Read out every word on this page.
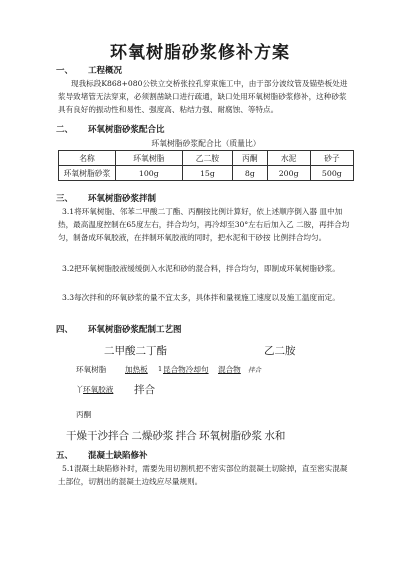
环氧树脂砂浆修补方案
一、 工程概况

现我标段K868+080公铁立交桥张拉孔穿束施工中，由于部分波纹管及锚垫板处进浆导致堵管无法穿束，必须割凿缺口进行疏通，缺口处用环氧树脂砂浆修补，这种砂浆具有良好的振动性和易性、强度高、粘结力强、耐腐蚀、等特点。

二、 环氧树脂砂浆配合比
环氧树脂砂浆配合比（质量比）
名称	环氧树脂	乙二胺	丙酮	水泥	砂子
环氧树脂砂浆	100g	15g	8g	200g	500g
三、 环氧树脂砂浆拌制

3.1将环氧树脂、邻苯二甲酸二丁酯、丙酮按比例计算好，依上述顺序倒入器 皿中加热，最高温度控制在65度左右，拌合均匀，再冷却至30°左右后加入乙 二胺，再拌合均匀，制备成环氧胶液，在拌制环氧胶液的同时，把水泥和干砂按 比例拌合均匀。

3.2把环氧树脂胶液缓缓倒入水泥和砂的混合料，拌合均匀，即制成环氧树脂砂浆。

3.3每次拌和的环氧砂浆的量不宜太多，具体拌和量视施工速度以及施工温度而定。

四、 环氧树脂砂浆配制工艺图
二甲酸二丁酯	乙二胺
环氧树脂 加热板 1 昆合物冷却句 混合物 拌合
丫 环氧胶液 拌合
丙酮
干燥干沙拌合 二燥砂浆 拌合 环氧树脂砂浆 水和
五、 混凝土缺陷修补

5.1混凝土缺陷修补时，需要先用切割机把不密实部位的混凝土切除掉，直至密实混凝土部位，切割出的混凝土边线应尽量规则。
